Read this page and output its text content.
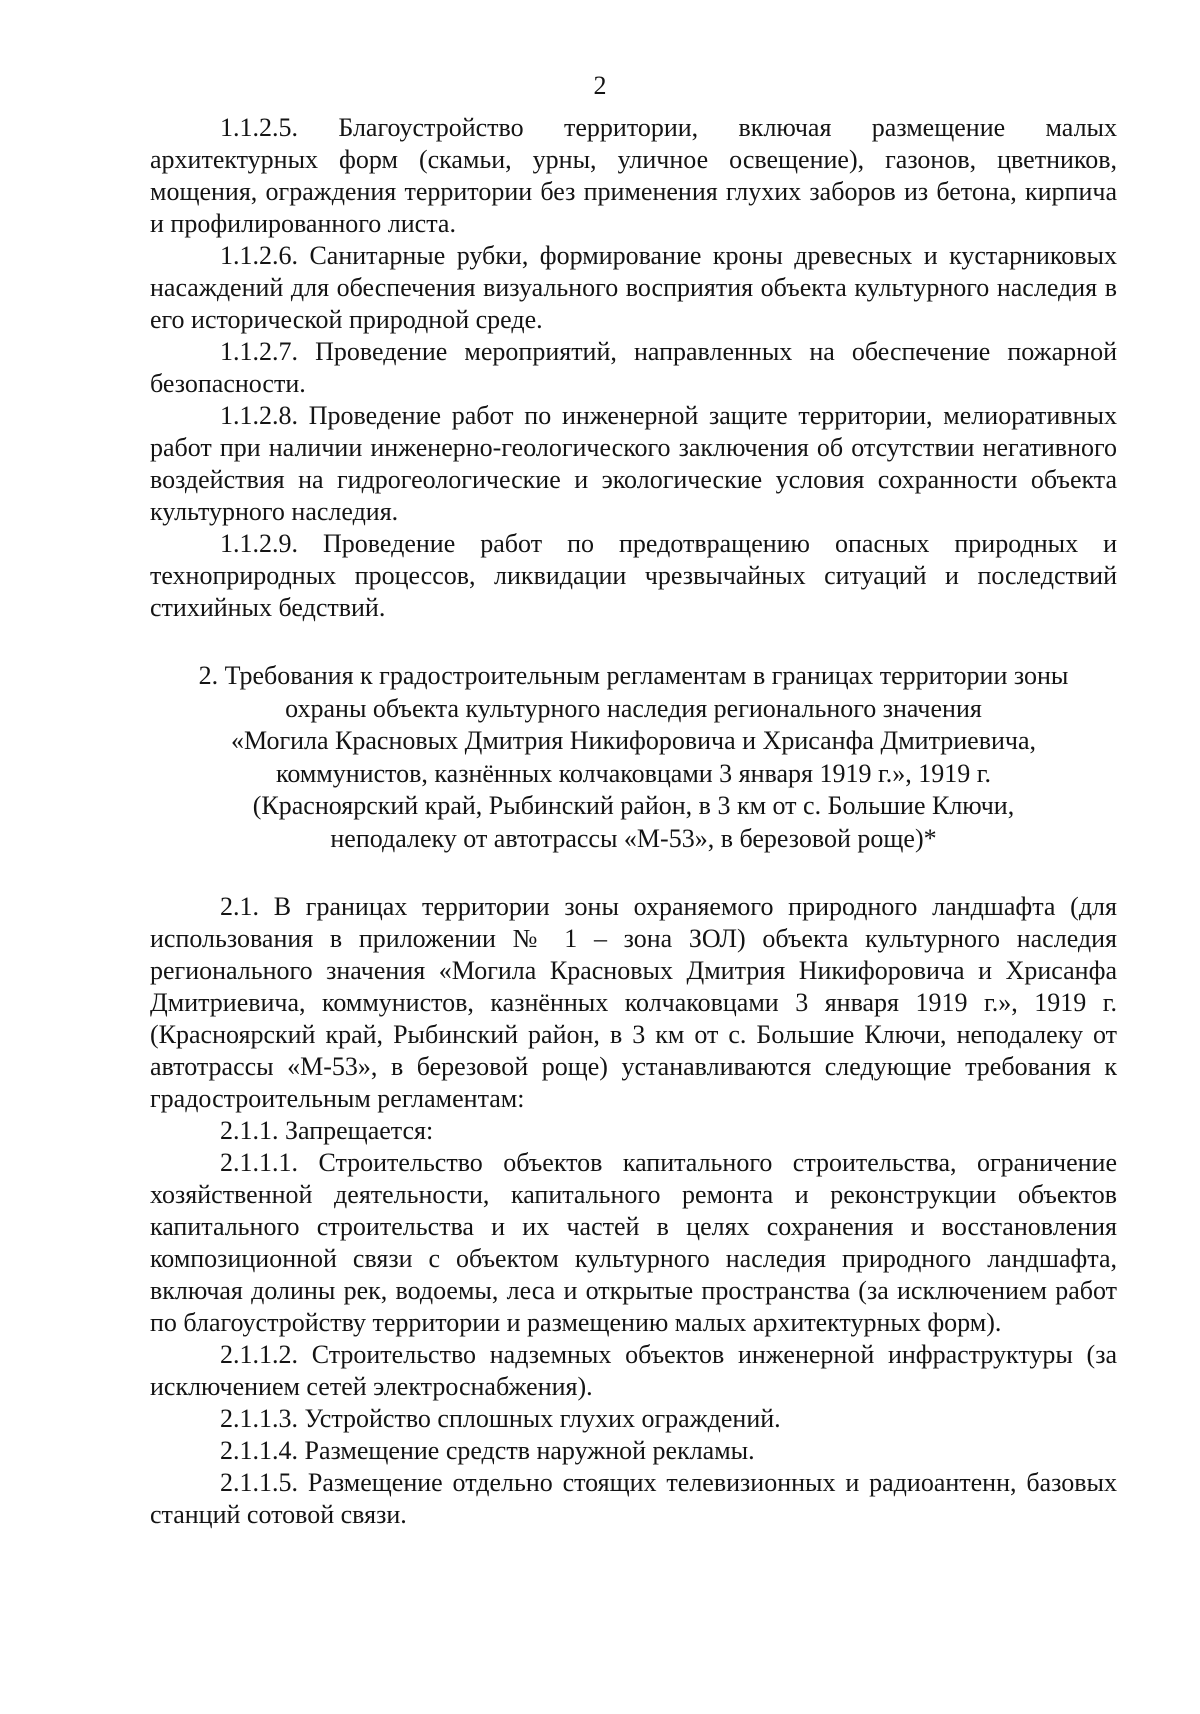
2

1.1.2.5. Благоустройство территории, включая размещение малых архитектурных форм (скамьи, урны, уличное освещение), газонов, цветников, мощения, ограждения территории без применения глухих заборов из бетона, кирпича и профилированного листа.

1.1.2.6. Санитарные рубки, формирование кроны древесных и кустарниковых насаждений для обеспечения визуального восприятия объекта культурного наследия в его исторической природной среде.

1.1.2.7. Проведение мероприятий, направленных на обеспечение пожарной безопасности.

1.1.2.8. Проведение работ по инженерной защите территории, мелиоративных работ при наличии инженерно-геологического заключения об отсутствии негативного воздействия на гидрогеологические и экологические условия сохранности объекта культурного наследия.

1.1.2.9. Проведение работ по предотвращению опасных природных и техноприродных процессов, ликвидации чрезвычайных ситуаций и последствий стихийных бедствий.

2. Требования к градостроительным регламентам в границах территории зоны
охраны объекта культурного наследия регионального значения
«Могила Красновых Дмитрия Никифоровича и Хрисанфа Дмитриевича,
коммунистов, казнённых колчаковцами 3 января 1919 г.», 1919 г.
(Красноярский край, Рыбинский район, в 3 км от с. Большие Ключи,
неподалеку от автотрассы «М-53», в березовой роще)*

2.1. В границах территории зоны охраняемого природного ландшафта (для использования в приложении № 1 – зона ЗОЛ) объекта культурного наследия регионального значения «Могила Красновых Дмитрия Никифоровича и Хрисанфа Дмитриевича, коммунистов, казнённых колчаковцами 3 января 1919 г.», 1919 г. (Красноярский край, Рыбинский район, в 3 км от с. Большие Ключи, неподалеку от автотрассы «М-53», в березовой роще) устанавливаются следующие требования к градостроительным регламентам:

2.1.1. Запрещается:

2.1.1.1. Строительство объектов капитального строительства, ограничение хозяйственной деятельности, капитального ремонта и реконструкции объектов капитального строительства и их частей в целях сохранения и восстановления композиционной связи с объектом культурного наследия природного ландшафта, включая долины рек, водоемы, леса и открытые пространства (за исключением работ по благоустройству территории и размещению малых архитектурных форм).

2.1.1.2. Строительство надземных объектов инженерной инфраструктуры (за исключением сетей электроснабжения).

2.1.1.3. Устройство сплошных глухих ограждений.

2.1.1.4. Размещение средств наружной рекламы.

2.1.1.5. Размещение отдельно стоящих телевизионных и радиоантенн, базовых станций сотовой связи.
